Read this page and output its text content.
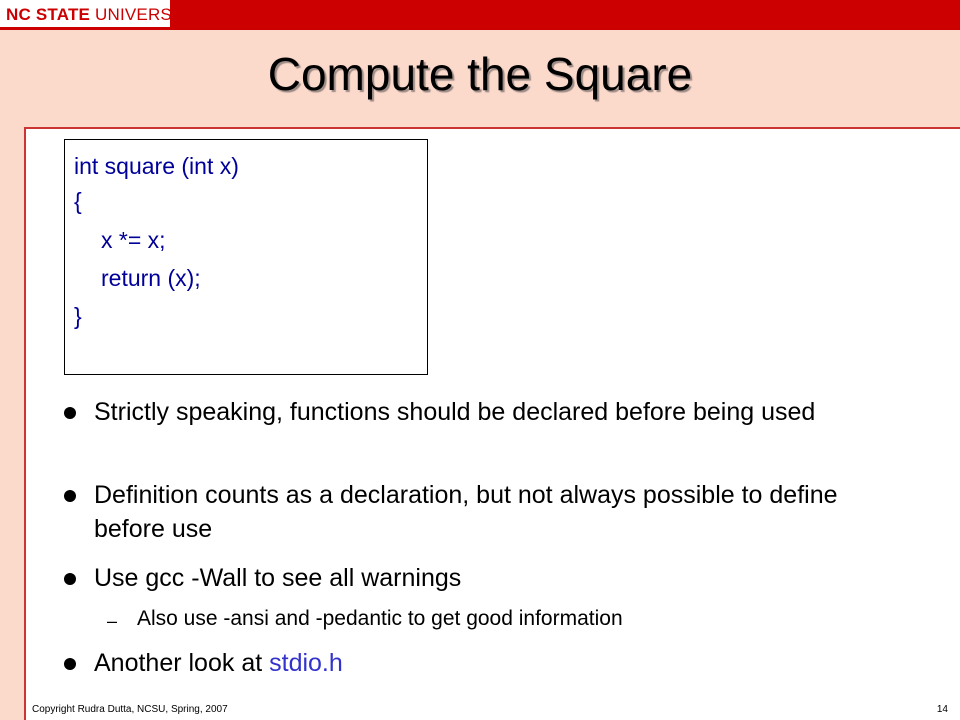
NC STATE UNIVERSITY
Compute the Square
int square (int x)
{
x *= x;
return (x);
}
Strictly speaking, functions should be declared before being used
Definition counts as a declaration, but not always possible to define before use
Use gcc -Wall to see all warnings
– Also use -ansi and -pedantic to get good information
Another look at stdio.h
Copyright Rudra Dutta, NCSU, Spring, 2007	14
